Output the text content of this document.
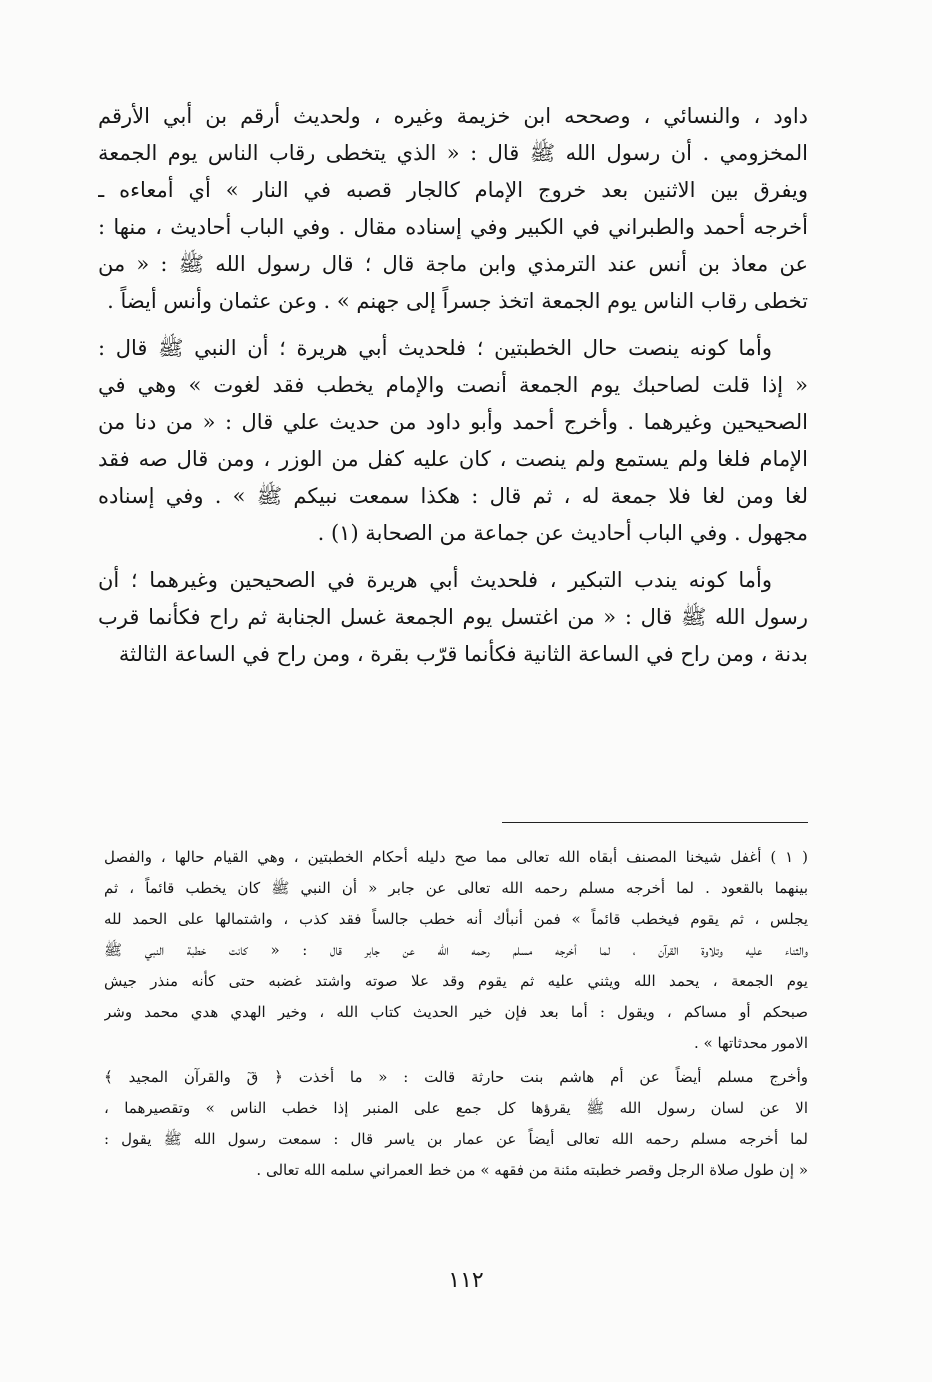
داود ، والنسائي ، وصححه ابن خزيمة وغيره ، ولحديث أرقم بن أبي الأرقم
المخزومي . أن رسول الله ﷺ قال : « الذي يتخطى رقاب الناس يوم الجمعة
ويفرق بين الاثنين بعد خروج الإمام كالجار قصبه في النار » أي أمعاءه ـ
أخرجه أحمد والطبراني في الكبير وفي إسناده مقال . وفي الباب أحاديث ، منها :
عن معاذ بن أنس عند الترمذي وابن ماجة قال ؛ قال رسول الله ﷺ : « من
تخطى رقاب الناس يوم الجمعة اتخذ جسراً إلى جهنم » . وعن عثمان وأنس أيضاً .
وأما كونه ينصت حال الخطبتين ؛ فلحديث أبي هريرة ؛ أن النبي ﷺ قال :
« إذا قلت لصاحبك يوم الجمعة أنصت والإمام يخطب فقد لغوت » وهي في
الصحيحين وغيرهما . وأخرج أحمد وأبو داود من حديث علي قال : « من دنا من
الإمام فلغا ولم يستمع ولم ينصت ، كان عليه كفل من الوزر ، ومن قال صه فقد
لغا ومن لغا فلا جمعة له ، ثم قال : هكذا سمعت نبيكم ﷺ » . وفي إسناده
مجهول . وفي الباب أحاديث عن جماعة من الصحابة (١) .
وأما كونه يندب التبكير ، فلحديث أبي هريرة في الصحيحين وغيرهما ؛ أن
رسول الله ﷺ قال : « من اغتسل يوم الجمعة غسل الجنابة ثم راح فكأنما قرب
بدنة ، ومن راح في الساعة الثانية فكأنما قرّب بقرة ، ومن راح في الساعة الثالثة
( ١ ) أغفل شيخنا المصنف أبقاه الله تعالى مما صح دليله أحكام الخطبتين ، وهي القيام حالها ، والفصل
بينهما بالقعود . لما أخرجه مسلم رحمه الله تعالى عن جابر « أن النبي ﷺ كان يخطب قائماً ، ثم
يجلس ، ثم يقوم فيخطب قائماً » فمن أنبأك أنه خطب جالساً فقد كذب ، واشتمالها على الحمد لله
والثناء عليه وتلاوة القرآن ، لما أخرجه مسلم رحمه الله عن جابر قال : « كانت خطبة النبي ﷺ
يوم الجمعة ، يحمد الله ويثني عليه ثم يقوم وقد علا صوته واشتد غضبه حتى كأنه منذر جيش
صبحكم أو مساكم ، ويقول : أما بعد فإن خير الحديث كتاب الله ، وخير الهدي هدي محمد وشر
الامور محدثاتها » .
وأخرج مسلم أيضاً عن أم هاشم بنت حارثة قالت : « ما أخذت ﴿ قٓ والقرآن المجيد ﴾
الا عن لسان رسول الله ﷺ يقرؤها كل جمع على المنبر إذا خطب الناس » وتقصيرهما ،
لما أخرجه مسلم رحمه الله تعالى أيضاً عن عمار بن ياسر قال : سمعت رسول الله ﷺ يقول :
« إن طول صلاة الرجل وقصر خطبته مئنة من فقهه » من خط العمراني سلمه الله تعالى .
١١٢
